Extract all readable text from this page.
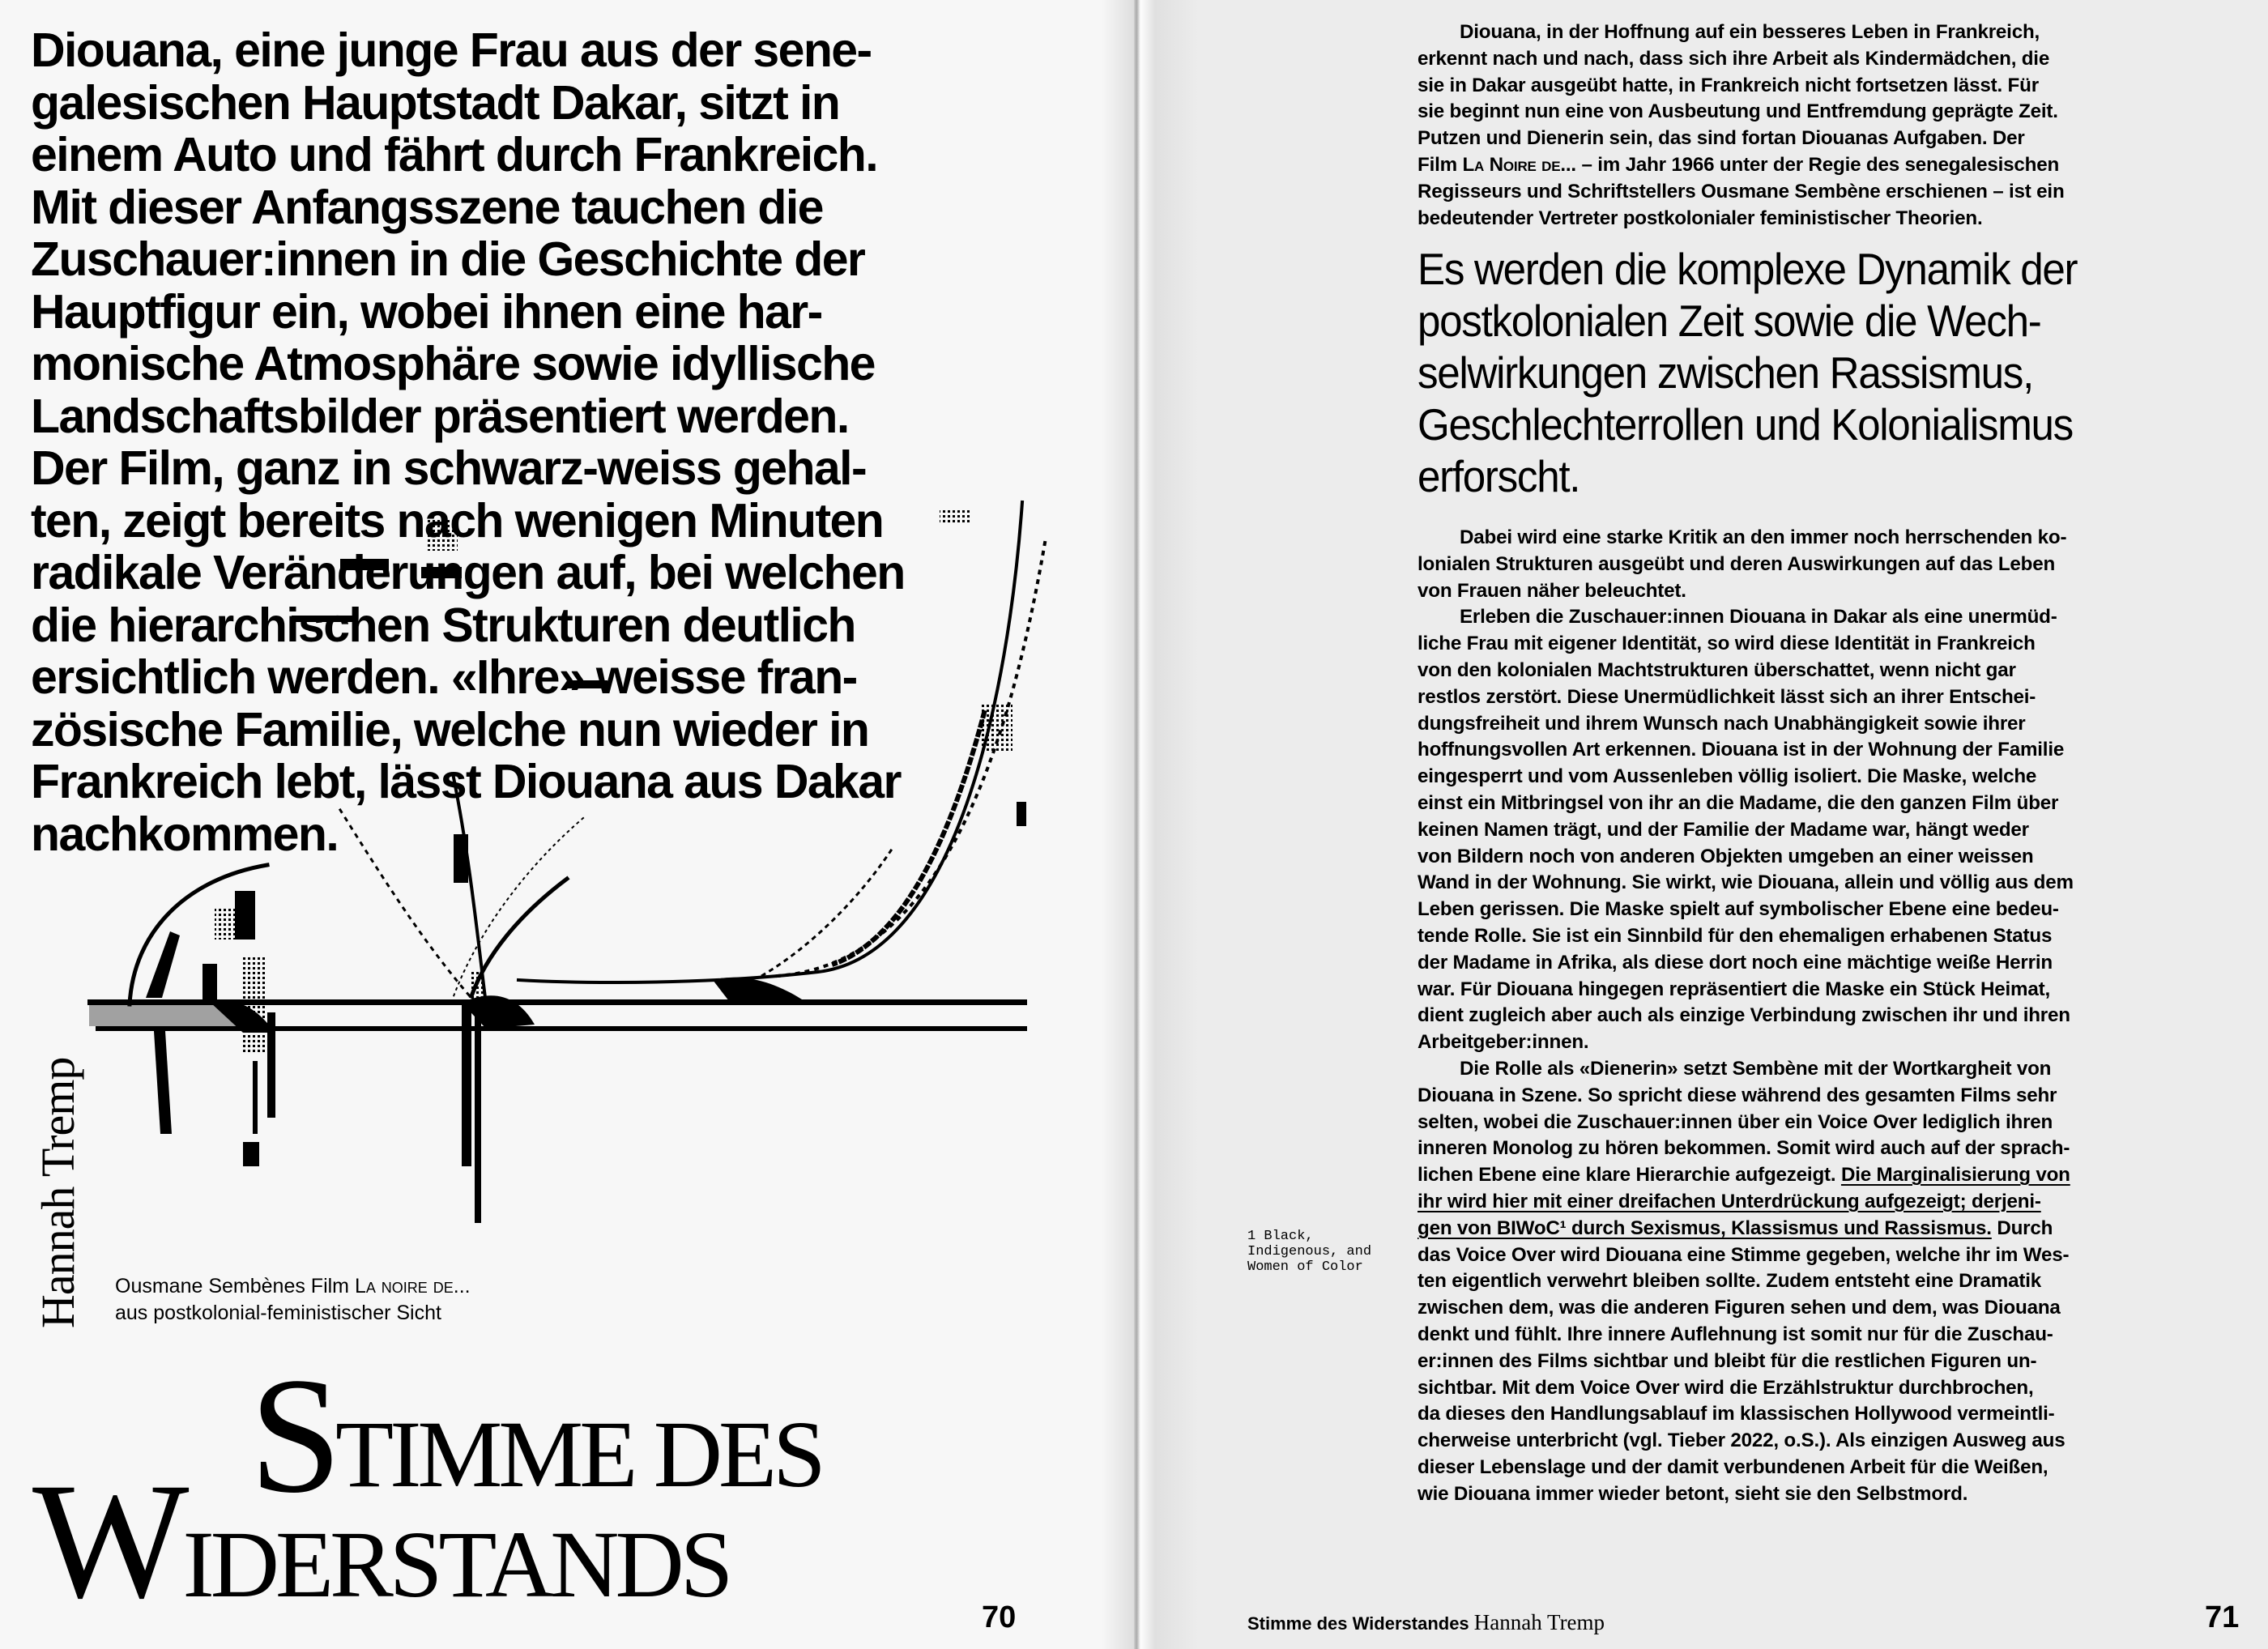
Diouana, eine junge Frau aus der sene-
galesischen Hauptstadt Dakar, sitzt in
einem Auto und fährt durch Frankreich.
Mit dieser Anfangsszene tauchen die
Zuschauer:innen in die Geschichte der
Hauptfigur ein, wobei ihnen eine har-
monische Atmosphäre sowie idyllische
Landschaftsbilder präsentiert werden.
Der Film, ganz in schwarz-weiss gehal-
ten, zeigt bereits nach wenigen Minuten
radikale Veränderungen auf, bei welchen
die hierarchischen Strukturen deutlich
ersichtlich werden. «Ihre» weisse fran-
zösische Familie, welche nun wieder in
Frankreich lebt, lässt Diouana aus Dakar
nachkommen.
Hannah Tremp Ousmane Sembènes Film La noire de...
aus postkolonial-feministischer Sicht
STIMME DES
WIDERSTANDS	70
Diouana, in der Hoffnung auf ein besseres Leben in Frankreich,
erkennt nach und nach, dass sich ihre Arbeit als Kindermädchen, die
sie in Dakar ausgeübt hatte, in Frankreich nicht fortsetzen lässt. Für
sie beginnt nun eine von Ausbeutung und Entfremdung geprägte Zeit.
Putzen und Dienerin sein, das sind fortan Diouanas Aufgaben. Der
Film La Noire de... – im Jahr 1966 unter der Regie des senegalesischen
Regisseurs und Schriftstellers Ousmane Sembène erschienen – ist ein
bedeutender Vertreter postkolonialer feministischer Theorien.
Es werden die komplexe Dynamik der
postkolonialen Zeit sowie die Wech-
selwirkungen zwischen Rassismus,
Geschlechterrollen und Kolonialismus
erforscht.
Dabei wird eine starke Kritik an den immer noch herrschenden ko-
lonialen Strukturen ausgeübt und deren Auswirkungen auf das Leben
von Frauen näher beleuchtet.
Erleben die Zuschauer:innen Diouana in Dakar als eine unermüd-
liche Frau mit eigener Identität, so wird diese Identität in Frankreich
von den kolonialen Machtstrukturen überschattet, wenn nicht gar
restlos zerstört. Diese Unermüdlichkeit lässt sich an ihrer Entschei-
dungsfreiheit und ihrem Wunsch nach Unabhängigkeit sowie ihrer
hoffnungsvollen Art erkennen. Diouana ist in der Wohnung der Familie
eingesperrt und vom Aussenleben völlig isoliert. Die Maske, welche
einst ein Mitbringsel von ihr an die Madame, die den ganzen Film über
keinen Namen trägt, und der Familie der Madame war, hängt weder
von Bildern noch von anderen Objekten umgeben an einer weissen
Wand in der Wohnung. Sie wirkt, wie Diouana, allein und völlig aus dem
Leben gerissen. Die Maske spielt auf symbolischer Ebene eine bedeu-
tende Rolle. Sie ist ein Sinnbild für den ehemaligen erhabenen Status
der Madame in Afrika, als diese dort noch eine mächtige weiße Herrin
war. Für Diouana hingegen repräsentiert die Maske ein Stück Heimat,
dient zugleich aber auch als einzige Verbindung zwischen ihr und ihren
Arbeitgeber:innen.
Die Rolle als «Dienerin» setzt Sembène mit der Wortkargheit von
Diouana in Szene. So spricht diese während des gesamten Films sehr
selten, wobei die Zuschauer:innen über ein Voice Over lediglich ihren
inneren Monolog zu hören bekommen. Somit wird auch auf der sprach-
lichen Ebene eine klare Hierarchie aufgezeigt. Die Marginalisierung von
ihr wird hier mit einer dreifachen Unterdrückung aufgezeigt; derjeni-
gen von BIWoC¹ durch Sexismus, Klassismus und Rassismus. Durch
das Voice Over wird Diouana eine Stimme gegeben, welche ihr im Wes-
ten eigentlich verwehrt bleiben sollte. Zudem entsteht eine Dramatik
zwischen dem, was die anderen Figuren sehen und dem, was Diouana
denkt und fühlt. Ihre innere Auflehnung ist somit nur für die Zuschau-
er:innen des Films sichtbar und bleibt für die restlichen Figuren un-
sichtbar. Mit dem Voice Over wird die Erzählstruktur durchbrochen,
da dieses den Handlungsablauf im klassischen Hollywood vermeintli-
cherweise unterbricht (vgl. Tieber 2022, o.S.). Als einzigen Ausweg aus
dieser Lebenslage und der damit verbundenen Arbeit für die Weißen,
wie Diouana immer wieder betont, sieht sie den Selbstmord.
1 Black,
Indigenous, and
Women of Color
Stimme des Widerstandes Hannah Tremp	71
